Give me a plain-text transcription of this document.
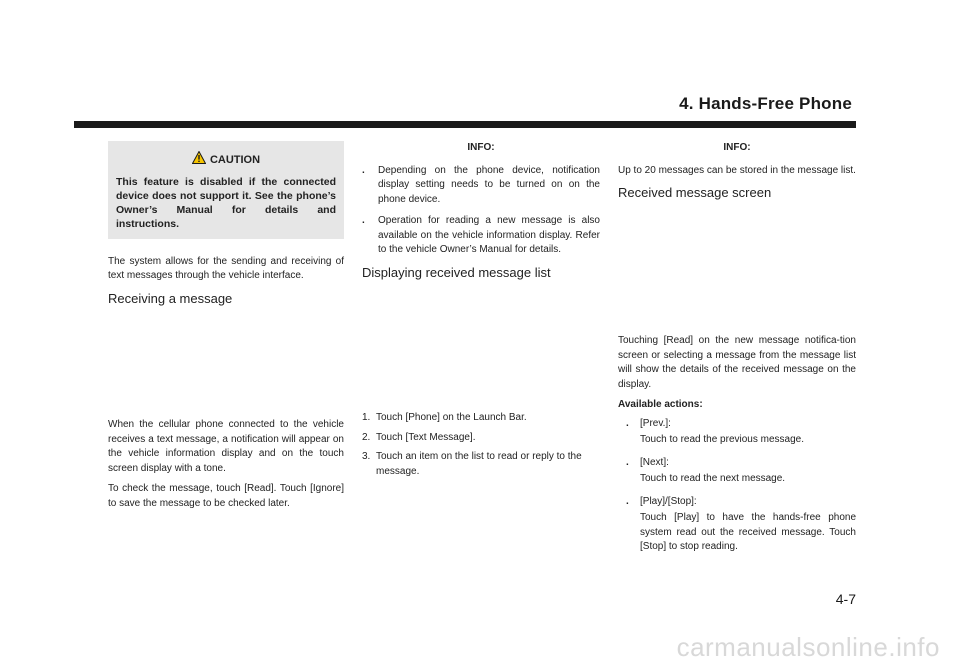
4. Hands-Free Phone
CAUTION
This feature is disabled if the connected device does not support it. See the phone’s Owner’s Manual for details and instructions.

The system allows for the sending and receiving of text messages through the vehicle interface.

Receiving a message

When the cellular phone connected to the vehicle receives a text message, a notification will appear on the vehicle information display and on the touch screen display with a tone.

To check the message, touch [Read]. Touch [Ignore] to save the message to be checked later.

INFO:
.	Depending on the phone device, notification display setting needs to be turned on on the phone device.
.	Operation for reading a new message is also available on the vehicle information display. Refer to the vehicle Owner’s Manual for details.
Displaying received message list
1. Touch [Phone] on the Launch Bar.
2. Touch [Text Message].
3. Touch an item on the list to read or reply to the message.
INFO:

Up to 20 messages can be stored in the message list.

Received message screen

Touching [Read] on the new message notifica-tion screen or selecting a message from the message list will show the details of the received message on the display.

Available actions:
.	[Prev.]:
Touch to read the previous message.
.	[Next]:
Touch to read the next message.
.	[Play]/[Stop]:
Touch [Play] to have the hands-free phone system read out the received message. Touch [Stop] to stop reading.
4-7
carmanualsonline.info
